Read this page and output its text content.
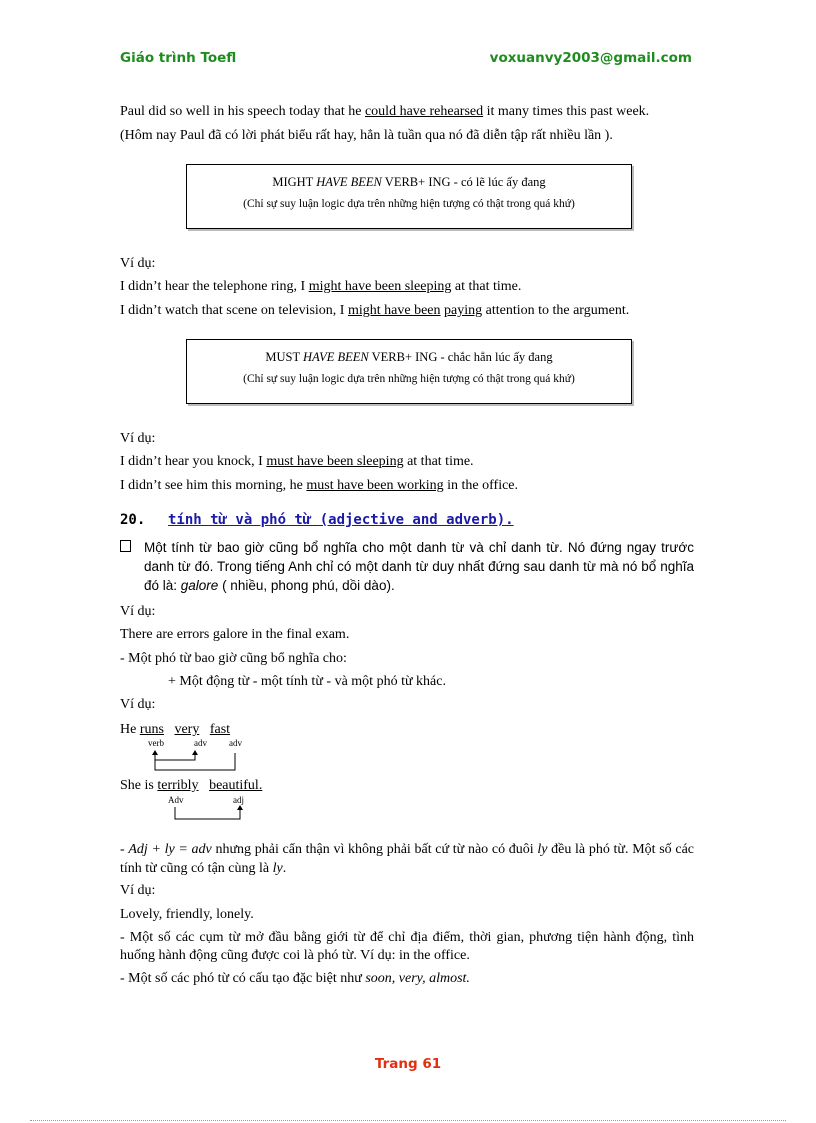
Giáo trình Toefl	voxuanvy2003@gmail.com
Paul did so well in his speech today that he could have rehearsed it many times this past week.
(Hôm nay Paul đã có lời phát biểu rất hay, hẳn là tuần qua nó đã diễn tập rất nhiều lần ).
MIGHT HAVE BEEN VERB+ ING - có lẽ lúc ấy đang
(Chỉ sự suy luận logic dựa trên những hiện tượng có thật trong quá khứ)
Ví dụ:
I didn’t hear the telephone ring, I might have been sleeping at that time.
I didn’t watch that scene on television, I might have been paying attention to the argument.
MUST HAVE BEEN VERB+ ING - chắc hẳn lúc ấy đang
(Chỉ sự suy luận logic dựa trên những hiện tượng có thật trong quá khứ)
Ví dụ:
I didn’t hear you knock, I must have been sleeping at that time.
I didn’t see him this morning, he must have been working in the office.
20. tính từ và phó từ (adjective and adverb).
Một tính từ bao giờ cũng bổ nghĩa cho một danh từ và chỉ danh từ. Nó đứng ngay trước danh từ đó. Trong tiếng Anh chỉ có một danh từ duy nhất đứng sau danh từ mà nó bổ nghĩa đó là: galore ( nhiều, phong phú, dồi dào).
Ví dụ:
There are errors galore in the final exam.
- Một phó từ bao giờ cũng bổ nghĩa cho:
+ Một động từ - một tính từ - và một phó từ khác.
Ví dụ:
He runs very fast
verb	adv adv
She is terribly beautiful.
Adv	adj
- Adj + ly = adv nhưng phải cẩn thận vì không phải bất cứ từ nào có đuôi ly đều là phó từ. Một số các tính từ cũng có tận cùng là ly.
Ví dụ:
Lovely, friendly, lonely.
- Một số các cụm từ mở đầu bằng giới từ để chỉ địa điểm, thời gian, phương tiện hành động, tình huống hành động cũng được coi là phó từ. Ví dụ: in the office.
- Một số các phó từ có cấu tạo đặc biệt như soon, very, almost.
Trang 61
